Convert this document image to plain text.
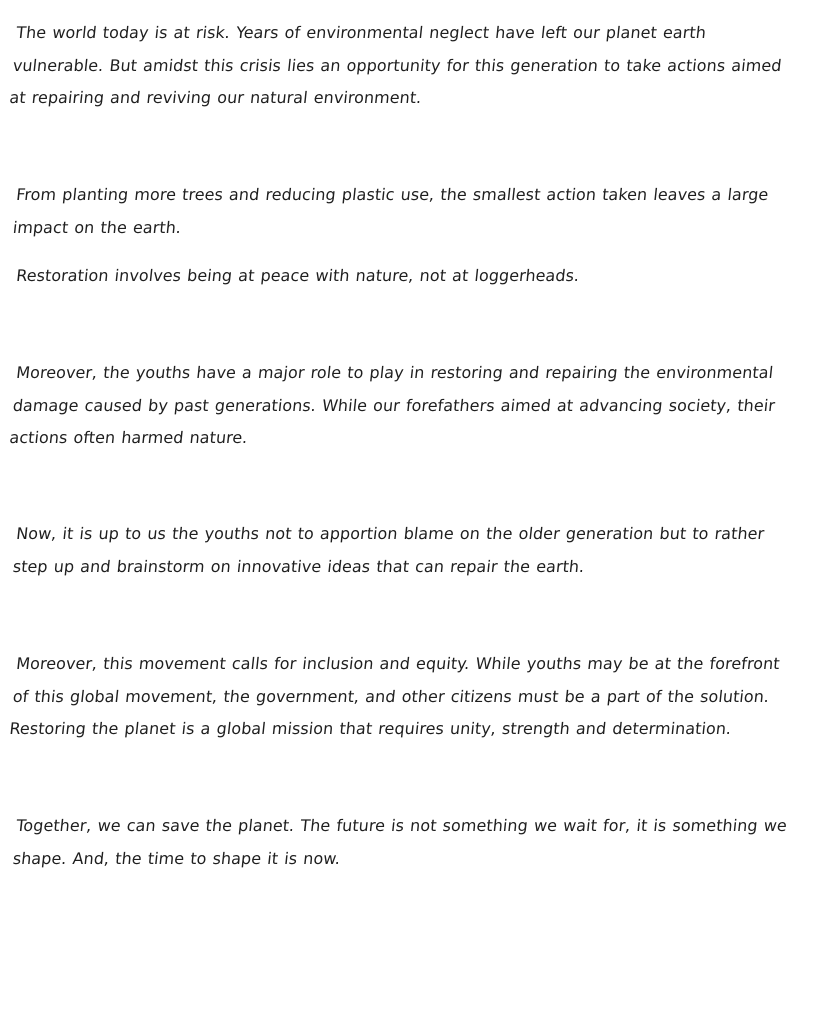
The world today is at risk. Years of environmental neglect have left our planet earth vulnerable. But amidst this crisis lies an opportunity for this generation to take actions aimed at repairing and reviving our natural environment.

From planting more trees and reducing plastic use, the smallest action taken leaves a large impact on the earth.

Restoration involves being at peace with nature, not at loggerheads.

Moreover, the youths have a major role to play in restoring and repairing the environmental damage caused by past generations. While our forefathers aimed at advancing society, their actions often harmed nature.

Now, it is up to us the youths not to apportion blame on the older generation but to rather step up and brainstorm on innovative ideas that can repair the earth.

Moreover, this movement calls for inclusion and equity. While youths may be at the forefront of this global movement, the government, and other citizens must be a part of the solution. Restoring the planet is a global mission that requires unity, strength and determination.

Together, we can save the planet. The future is not something we wait for, it is something we shape. And, the time to shape it is now.
